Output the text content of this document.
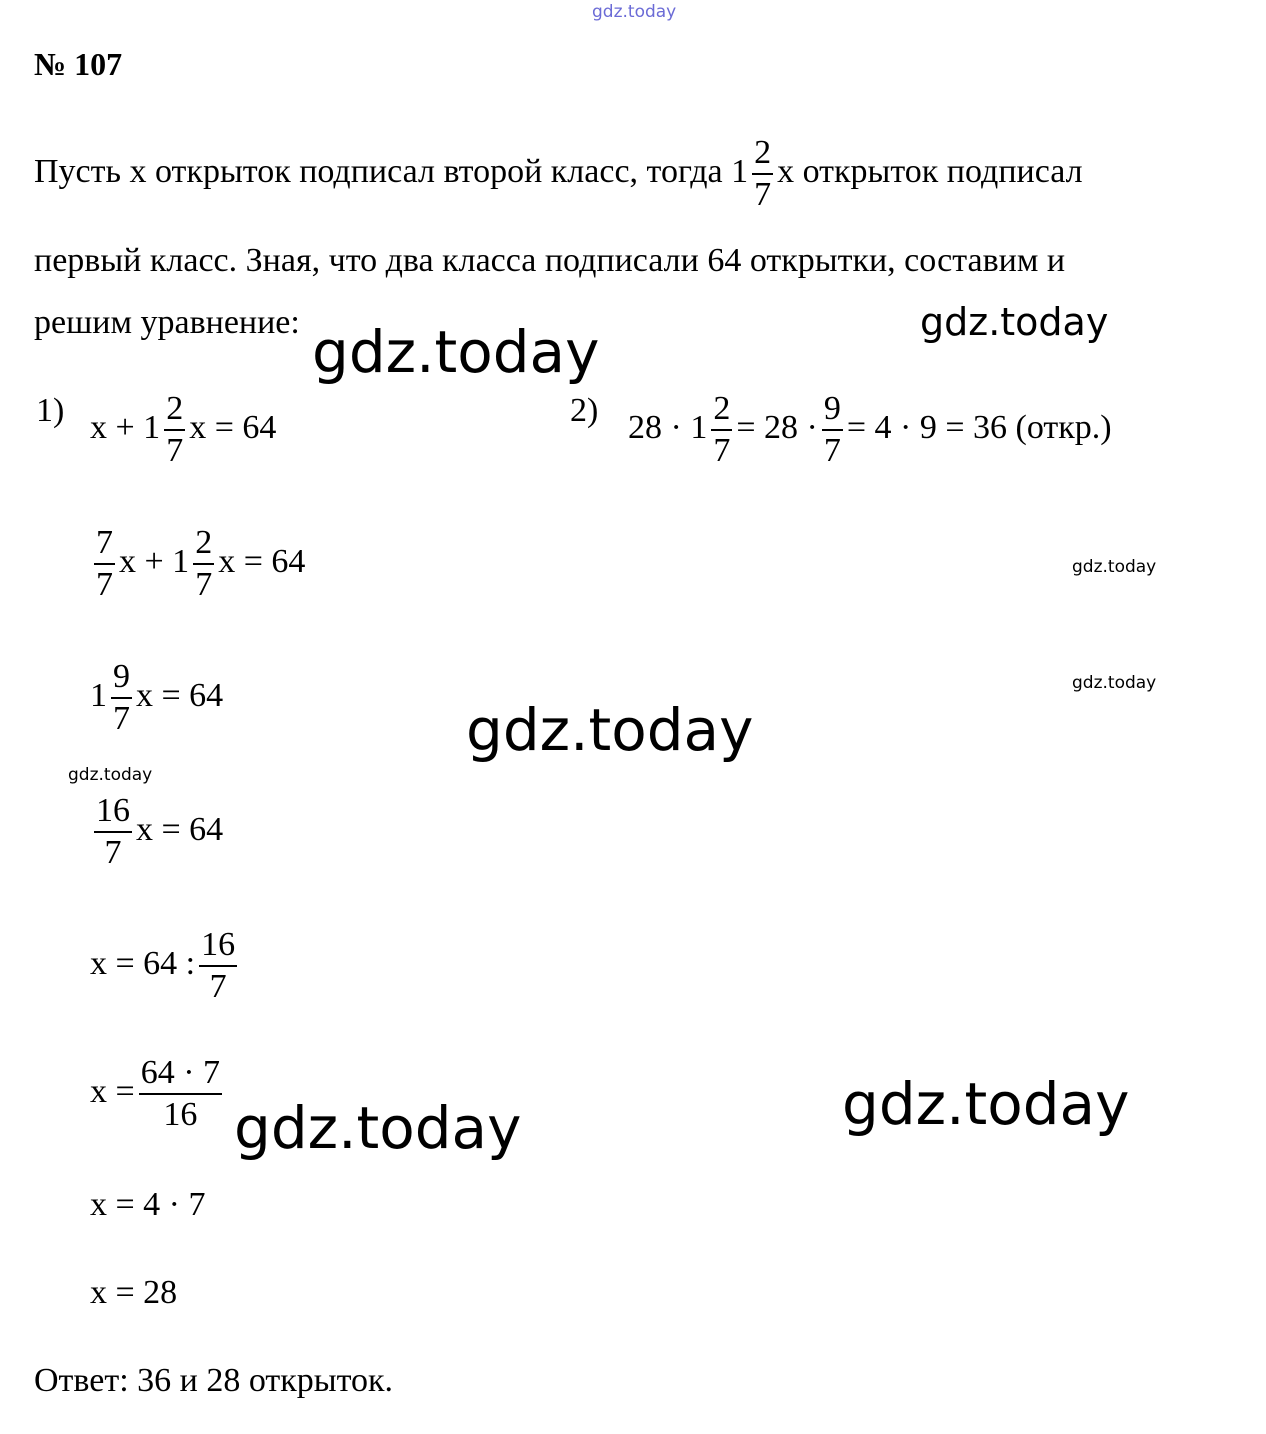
№ 107
Пусть x открыток подписал второй класс, тогда $1 \frac{2}{7}$ x открыток подписал
первый класс. Зная, что два класса подписали 64 открытки, составим и
решим уравнение:
1) $x + 1 \frac{2}{7}$ x = 64
$\frac{7}{7}$ $x + 1 \frac{2}{7}$ x = 64
$1 \frac{9}{7}$ x = 64
$\frac{16}{7}$ x = 64
x = 64 : $\frac{16}{7}$
$x = \frac{64 \cdot 7}{16}$
x = 4 · 7
x = 28
2) $28 \cdot 1 \frac{2}{7} = 28 \cdot \frac{9}{7} = 4 \cdot 9 = 36$ (откр.)
Ответ: 36 и 28 открыток.
gdz.today
gdz.today	gdz.today
gdz.today
gdz.today
gdz.today
gdz.today
gdz.today
gdz.today
